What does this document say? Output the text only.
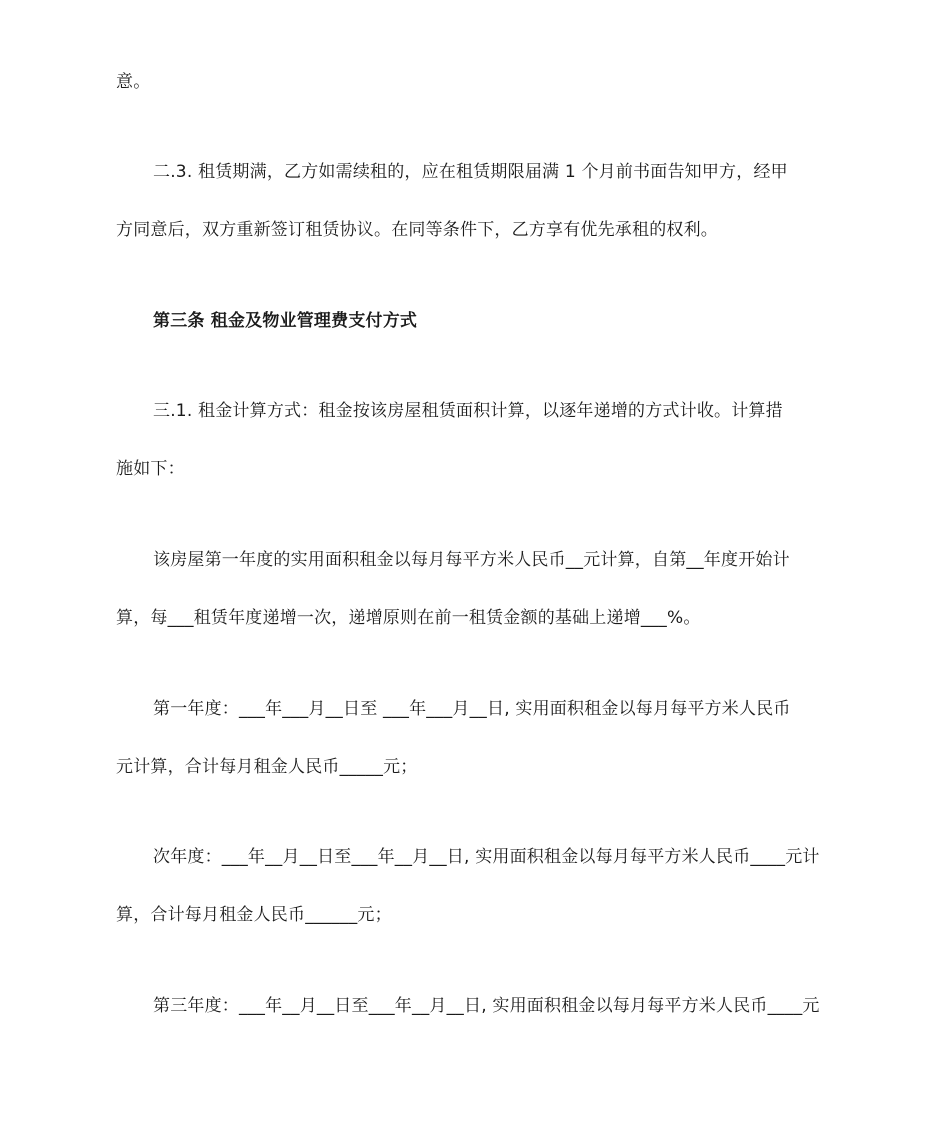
意。
二.3. 租赁期满，乙方如需续租的，应在租赁期限届满 1 个月前书面告知甲方，经甲
方同意后，双方重新签订租赁协议。在同等条件下，乙方享有优先承租的权利。
第三条 租金及物业管理费支付方式
三.1. 租金计算方式：租金按该房屋租赁面积计算，以逐年递增的方式计收。计算措
施如下：
该房屋第一年度的实用面积租金以每月每平方米人民币__元计算，自第__年度开始计
算，每___租赁年度递增一次，递增原则在前一租赁金额的基础上递增___%。
第一年度：___年___月__日至 ___年___月__日, 实用面积租金以每月每平方米人民币
元计算，合计每月租金人民币_____元；
次年度：___年__月__日至___年__月__日, 实用面积租金以每月每平方米人民币____元计
算，合计每月租金人民币______元；
第三年度：___年__月__日至___年__月__日, 实用面积租金以每月每平方米人民币____元
